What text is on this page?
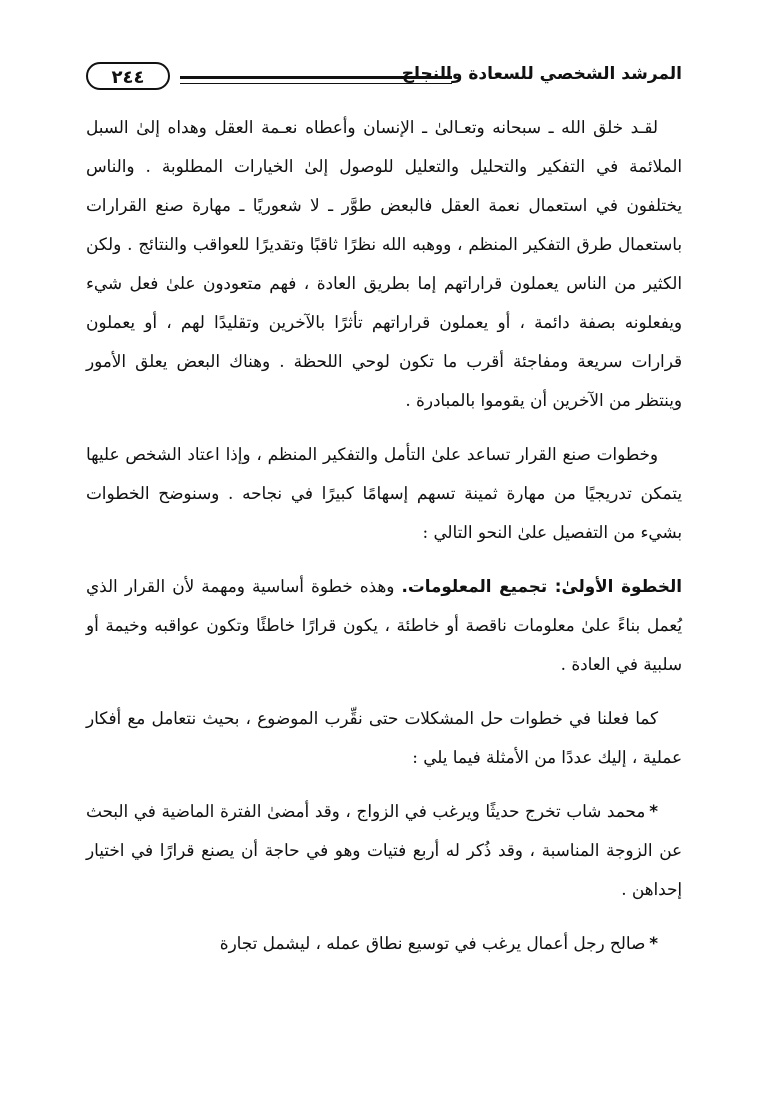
المرشد الشخصي للسعادة والنجاح
٢٤٤

لقـد خلق الله ـ سبحانه وتعـالىٰ ـ الإنسان وأعطاه نعـمة العقل وهداه إلىٰ السبل الملائمة في التفكير والتحليل والتعليل للوصول إلىٰ الخيارات المطلوبة . والناس يختلفون في استعمال نعمة العقل فالبعض طوَّر ـ لا شعوريًا ـ مهارة صنع القرارات باستعمال طرق التفكير المنظم ، ووهبه الله نظرًا ثاقبًا وتقديرًا للعواقب والنتائج . ولكن الكثير من الناس يعملون قراراتهم إما بطريق العادة ، فهم متعودون علىٰ فعل شيء ويفعلونه بصفة دائمة ، أو يعملون قراراتهم تأثرًا بالآخرين وتقليدًا لهم ، أو يعملون قرارات سريعة ومفاجئة أقرب ما تكون لوحي اللحظة . وهناك البعض يعلق الأمور وينتظر من الآخرين أن يقوموا بالمبادرة .

وخطوات صنع القرار تساعد علىٰ التأمل والتفكير المنظم ، وإذا اعتاد الشخص عليها يتمكن تدريجيًا من مهارة ثمينة تسهم إسهامًا كبيرًا في نجاحه . وسنوضح الخطوات بشيء من التفصيل علىٰ النحو التالي :

الخطوة الأولىٰ: تجميع المعلومات. وهذه خطوة أساسية ومهمة لأن القرار الذي يُعمل بناءً علىٰ معلومات ناقصة أو خاطئة ، يكون قرارًا خاطئًا وتكون عواقبه وخيمة أو سلبية في العادة .

كما فعلنا في خطوات حل المشكلات حتى نقِّرب الموضوع ، بحيث نتعامل مع أفكار عملية ، إليك عددًا من الأمثلة فيما يلي :

*محمد شاب تخرج حديثًا ويرغب في الزواج ، وقد أمضىٰ الفترة الماضية في البحث عن الزوجة المناسبة ، وقد ذُكر له أربع فتيات وهو في حاجة أن يصنع قرارًا في اختيار إحداهن .

*صالح رجل أعمال يرغب في توسيع نطاق عمله ، ليشمل تجارة
